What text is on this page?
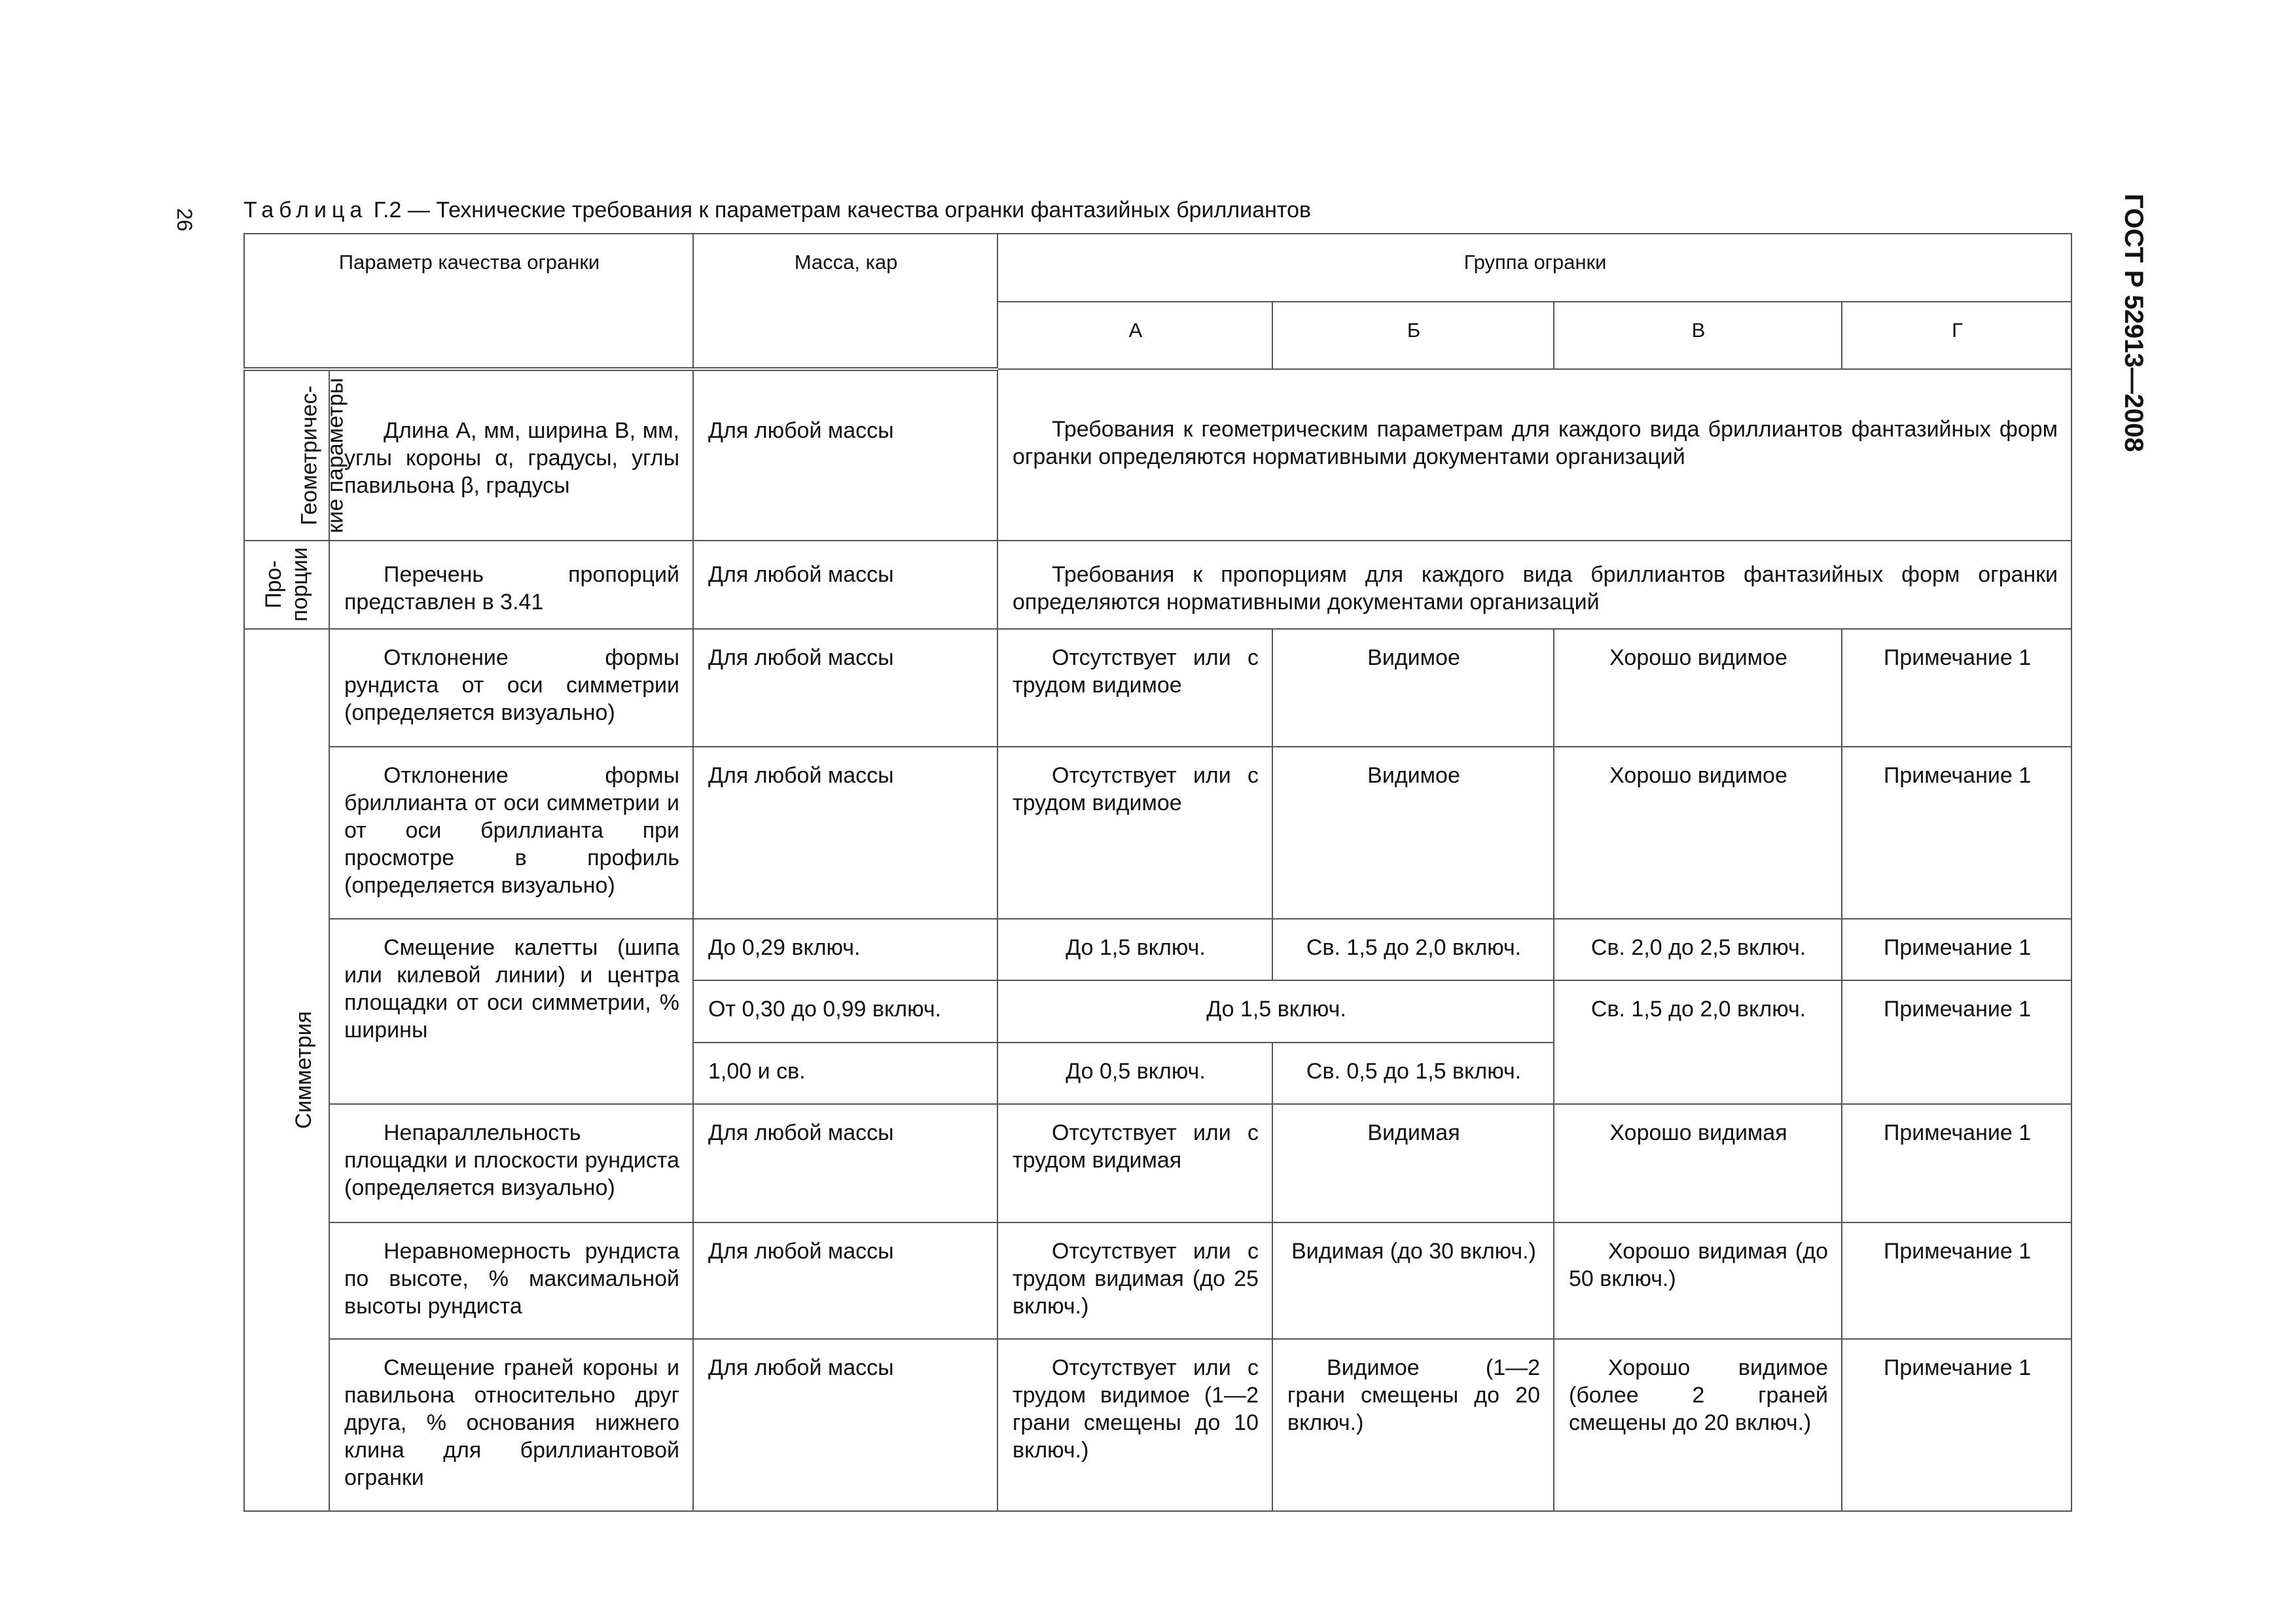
26	ГОСТ Р 52913—2008
Таблица Г.2 — Технические требования к параметрам качества огранки фантазийных бриллиантов
Параметр качества огранки		Масса, кар	Группа огранки			
			А	Б	В	Г
Геометричес-
кие параметры	Длина A, мм, ширина B, мм, углы короны α, градусы, углы павильона β, градусы	Для любой массы	Требования к геометрическим параметрам для каждого вида бриллиантов фантазийных форм огранки определяются нормативными документами организаций			
Про-
порции	Перечень пропорций представлен в 3.41	Для любой массы	Требования к пропорциям для каждого вида бриллиантов фантазийных форм огранки определяются нормативными документами организаций			
Симметрия	Отклонение формы рундиста от оси симметрии (определяется визуально)	Для любой массы	Отсутствует или с трудом видимое	Видимое	Хорошо видимое	Примечание 1
	Отклонение формы бриллианта от оси симметрии и от оси бриллианта при просмотре в профиль (определяется визуально)	Для любой массы	Отсутствует или с трудом видимое	Видимое	Хорошо видимое	Примечание 1
	Смещение калетты (шипа или килевой линии) и центра площадки от оси симметрии, % ширины	До 0,29 включ.	До 1,5 включ.	Св. 1,5 до 2,0 включ.	Св. 2,0 до 2,5 включ.	Примечание 1
		От 0,30 до 0,99 включ.	До 1,5 включ.		Св. 1,5 до 2,0 включ.	Примечание 1
		1,00 и св.	До 0,5 включ.	Св. 0,5 до 1,5 включ.		
	Непараллельность площадки и плоскости рундиста (определяется визуально)	Для любой массы	Отсутствует или с трудом видимая	Видимая	Хорошо видимая	Примечание 1
	Неравномерность рундиста по высоте, % максимальной высоты рундиста	Для любой массы	Отсутствует или с трудом видимая (до 25 включ.)	Видимая (до 30 включ.)	Хорошо видимая (до 50 включ.)	Примечание 1
	Смещение граней короны и павильона относительно друг друга, % основания нижнего клина для бриллиантовой огранки	Для любой массы	Отсутствует или с трудом видимое (1—2 грани смещены до 10 включ.)	Видимое (1—2 грани смещены до 20 включ.)	Хорошо видимое (более 2 граней смещены до 20 включ.)	Примечание 1
